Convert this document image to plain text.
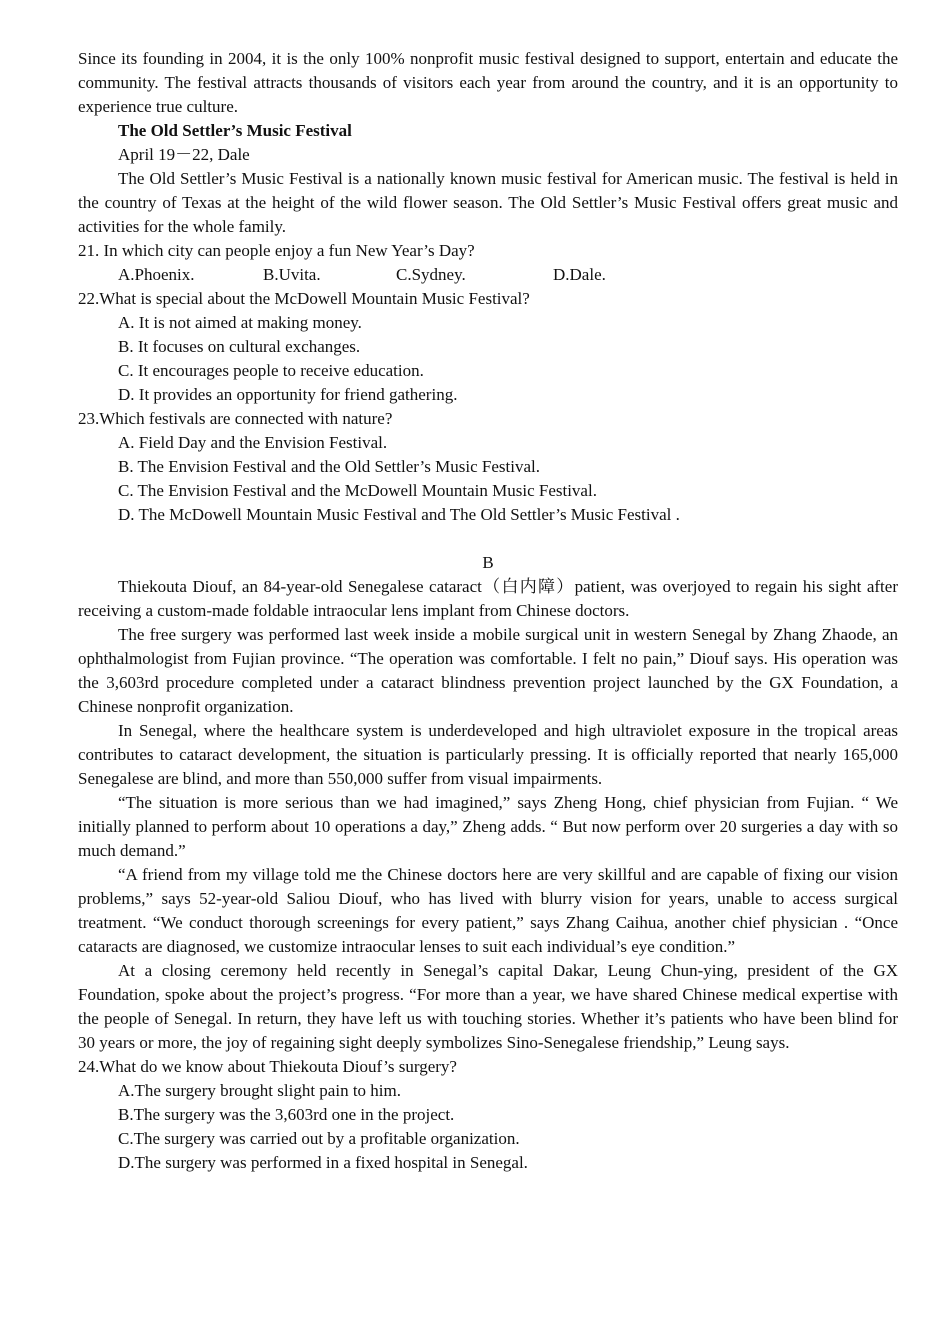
Since its founding in 2004, it is the only 100% nonprofit music festival designed to support, entertain and educate the community. The festival attracts thousands of visitors each year from around the country, and it is an opportunity to experience true culture.

The Old Settler’s Music Festival

April 19－22, Dale

The Old Settler’s Music Festival is a nationally known music festival for American music. The festival is held in the country of Texas at the height of the wild flower season. The Old Settler’s Music Festival offers great music and activities for the whole family.

21. In which city can people enjoy a fun New Year’s Day?

A.Phoenix.	B.Uvita.	C.Sydney.	D.Dale.

22.What is special about the McDowell Mountain Music Festival?

A. It is not aimed at making money.

B. It focuses on cultural exchanges.

C. It encourages people to receive education.

D. It provides an opportunity for friend gathering.

23.Which festivals are connected with nature?

A. Field Day and the Envision Festival.

B. The Envision Festival and the Old Settler’s Music Festival.

C. The Envision Festival and the McDowell Mountain Music Festival.

D. The McDowell Mountain Music Festival and The Old Settler’s Music Festival .

B

Thiekouta Diouf, an 84-year-old Senegalese cataract（白内障）patient, was overjoyed to regain his sight after receiving a custom-made foldable intraocular lens implant from Chinese doctors.

The free surgery was performed last week inside a mobile surgical unit in western Senegal by Zhang Zhaode, an ophthalmologist from Fujian province. “The operation was comfortable. I felt no pain,” Diouf says. His operation was the 3,603rd procedure completed under a cataract blindness prevention project launched by the GX Foundation, a Chinese nonprofit organization.

In Senegal, where the healthcare system is underdeveloped and high ultraviolet exposure in the tropical areas contributes to cataract development, the situation is particularly pressing. It is officially reported that nearly 165,000 Senegalese are blind, and more than 550,000 suffer from visual impairments.

“The situation is more serious than we had imagined,” says Zheng Hong, chief physician from Fujian. “ We initially planned to perform about 10 operations a day,” Zheng adds. “ But now perform over 20 surgeries a day with so much demand.”

“A friend from my village told me the Chinese doctors here are very skillful and are capable of fixing our vision problems,” says 52-year-old Saliou Diouf, who has lived with blurry vision for years, unable to access surgical treatment. “We conduct thorough screenings for every patient,” says Zhang Caihua, another chief physician . “Once cataracts are diagnosed, we customize intraocular lenses to suit each individual’s eye condition.”

At a closing ceremony held recently in Senegal’s capital Dakar, Leung Chun-ying, president of the GX Foundation, spoke about the project’s progress. “For more than a year, we have shared Chinese medical expertise with the people of Senegal. In return, they have left us with touching stories. Whether it’s patients who have been blind for 30 years or more, the joy of regaining sight deeply symbolizes Sino-Senegalese friendship,” Leung says.

24.What do we know about Thiekouta Diouf’s surgery?

A.The surgery brought slight pain to him.

B.The surgery was the 3,603rd one in the project.

C.The surgery was carried out by a profitable organization.

D.The surgery was performed in a fixed hospital in Senegal.
